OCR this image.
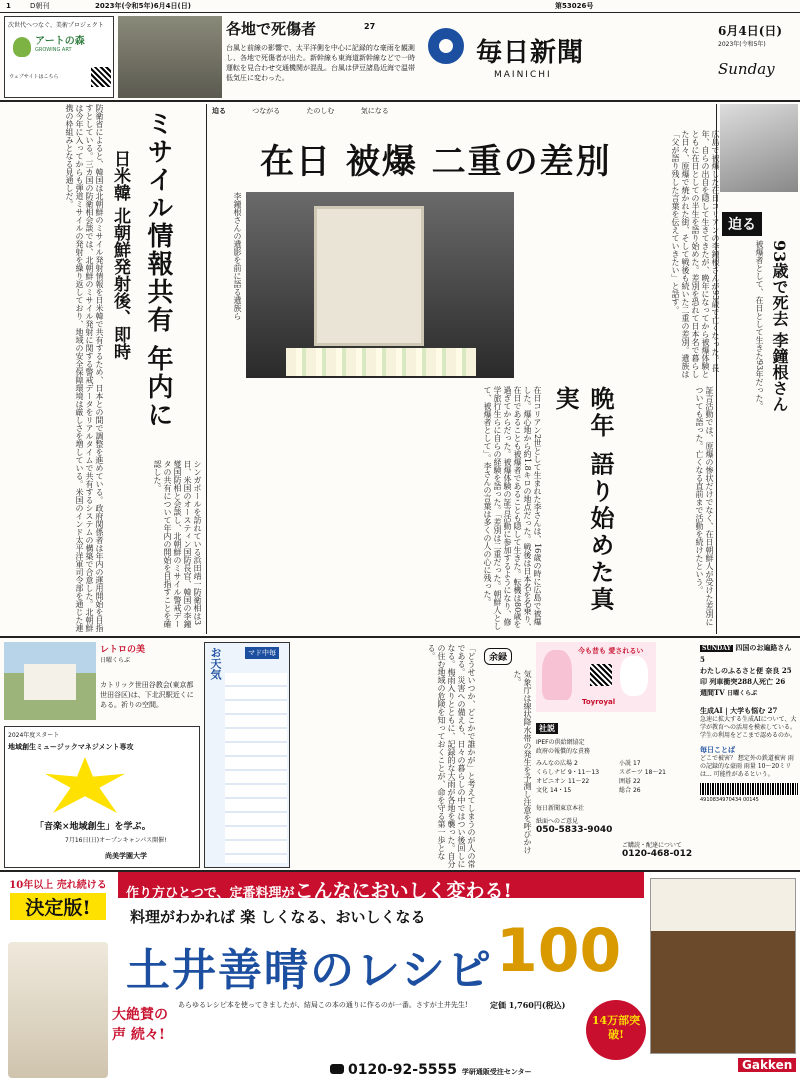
1	D朝刊	2023年(令和5年)6月4日(日)	第53026号
次世代へつなぐ、美術プロジェクト
アートの森
GROWING ART
ウェブサイトはこちら
各地で死傷者	27
台風と前線の影響で、太平洋側を中心に記録的な豪雨を観測し、各地で死傷者が出た。新幹線も東海道新幹線などで一時運転を見合わせ交通機関が混乱。台風は伊豆諸島近海で温帯低気圧に変わった。
毎日新聞
MAINICHI
6月4日(日)
2023年(令和5年)
Sunday
防衛省によると、韓国は北朝鮮のミサイル発射情報を日米韓で共有するため、日本との間で調整を進めている。政府関係者は年内の運用開始を目指すとしている。三カ国の防衛相会談では、北朝鮮のミサイル発射に関する警戒データをリアルタイムで共有するシステムの構築で合意した。北朝鮮は今年に入ってからも弾道ミサイルの発射を繰り返しており、地域の安全保障環境は厳しさを増している。米国のインド太平洋軍司令部を通じた連携の枠組みとなる見通しだ。	ミサイル情報共有 年内に
日米韓 北朝鮮発射後、即時
シンガポールを訪れている浜田靖一防衛相は3日、米国のオースティン国防長官、韓国の李鐘燮国防相と会談し、北朝鮮のミサイル警戒データの共有について年内の開始を目指すことを確認した。
迫る	つながる	たのしむ	気になる
在日 被爆 二重の差別
李鐘根さんの遺影を前に語る遺族ら
年、自らの出自を隠して生きてきたが、晩年になってから被爆体験とともに在日としての半生を語り始めた。差別を恐れて日本名で暮らした日々、原爆で焼かれた街、そして戦後も続いた二重の差別。遺族は「父が語り残した言葉を伝えていきたい」と話す。
晩年 語り始めた真実
在日コリアン2世として生まれた李さんは、16歳の時に広島で被爆した。爆心地から約1.8キロの地点だった。戦後は日本名を名乗り、在日であることも被爆者であることも隠して生きた。転機は80歳を過ぎてからだった。被爆体験の証言活動に参加するようになり、修学旅行生らに自らの経験を語った。「差別は二重だった。朝鮮人として、被爆者として」。李さんの言葉は多くの人の心に残った。	証言活動では、原爆の惨状だけでなく、在日朝鮮人が受けた差別についても語った。亡くなる直前まで活動を続けたという。
迫る
93歳で死去 李鐘根さん
被爆者として、在日として生きた93年だった。
レトロの美
日曜くらぶ
カトリック世田谷教会(東京都世田谷区)は、下北沢駅近くにある。祈りの空間。
2024年度スタート
地域創生ミュージックマネジメント専攻
「音楽×地域創生」を学ぶ。
7月16日(日)オープンキャンパス開催!
尚美学園大学
お天気	マド中毎	「どうせいつか、どこかで誰かが」と考えてしまうのが人の常である。災害への備えも、日々の暮らしの中ではつい後回しになる。梅雨入りとともに、記録的な大雨が各地を襲った。自分の住む地域の危険を知っておくことが、命を守る第一歩となる。	余録
気象庁は線状降水帯の発生を予測し注意を呼びかけた。
今も昔も 愛されるい
Toyroyal
社説
IPEFの供給網協定
政府の報償的な責務
みんなの広場 2
くらしナビ 9・11〜13
オピニオン 11〜22
文化 14・15
小説 17
スポーツ 18〜21
囲碁 22
総合 26
毎日新聞東京本社
紙面へのご意見
050-5833-9040
ご購読・配達について
0120-468-012
SUNDAY 四国のお遍路さん 5
わたしのふるさと便 奈良 25
印 列車衝突288人死亡 26
週間TV 日曜くらぶ
生成AI | 大学も悩む 27
急速に拡大する生成AIについて、大学が教育への活用を模索している。学生の利用をどこまで認めるのか。
毎日ことば
どこで被害？ 想定外の鉄道被害 雨の記録的な豪雨 雨量 10〜20ミリは... 可能性があるという。
4910834970434 00145
作り方ひとつで、定番料理がこんなにおいしく変わる!
10年以上 売れ続ける
決定版!	料理がわかれば 楽 しくなる、おいしくなる
土井善晴のレシピ 100
大絶賛の声 続々!
あらゆるレシピ本を使ってきましたが、結局この本の通りに作るのが一番。さすが土井先生!	定価 1,760円(税込)
14万部突破!
0120-92-5555 学研通販受注センター	Gakken
